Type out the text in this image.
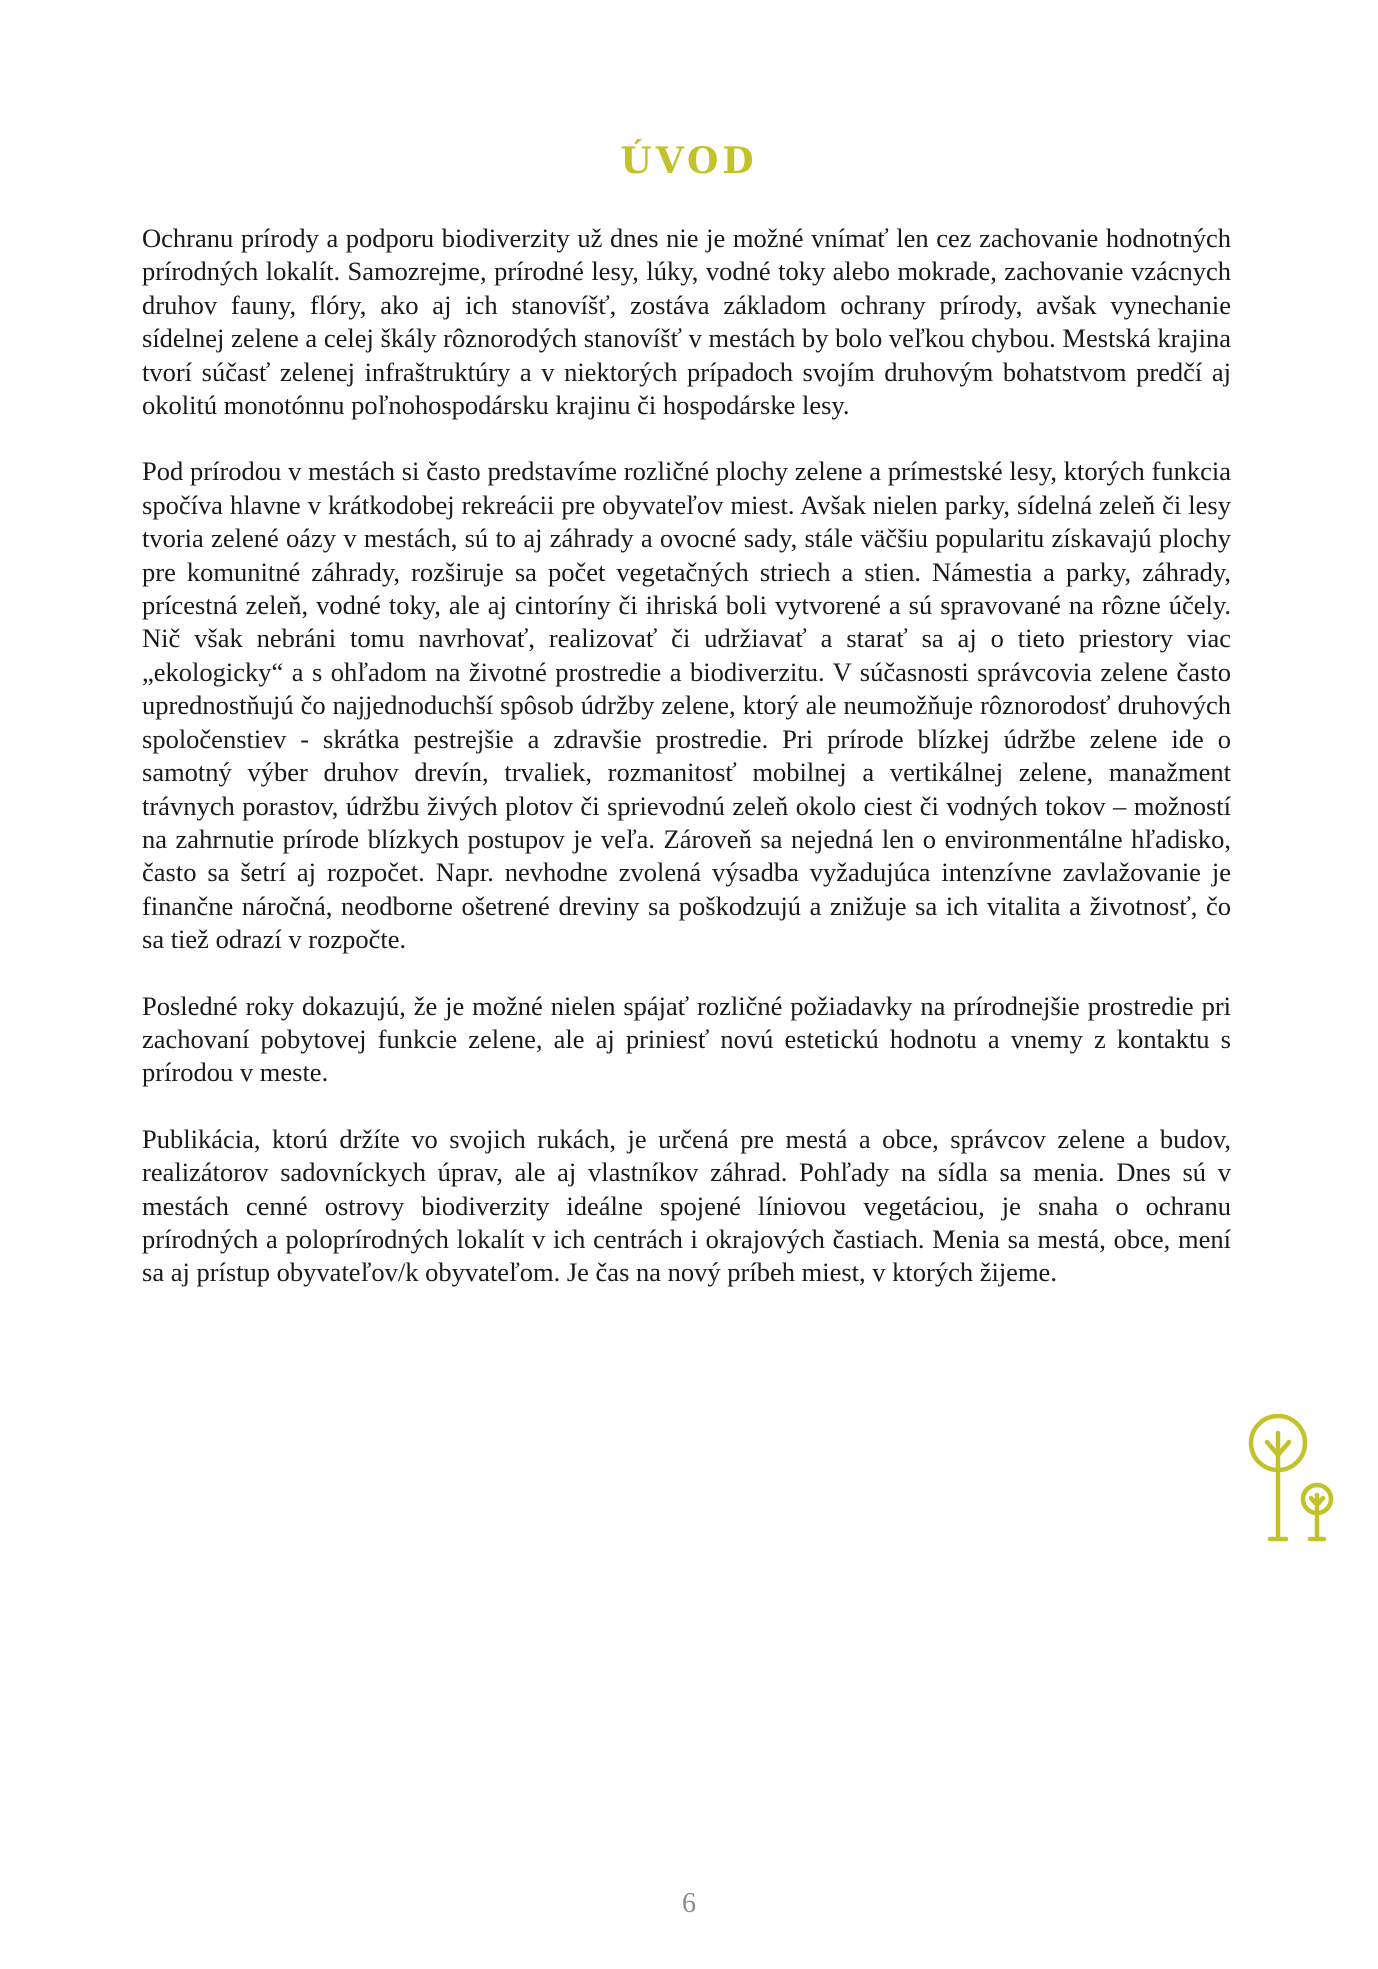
ÚVOD

Ochranu prírody a podporu biodiverzity už dnes nie je možné vnímať len cez zachovanie hodnotných prírodných lokalít. Samozrejme, prírodné lesy, lúky, vodné toky alebo mokrade, zachovanie vzácnych druhov fauny, flóry, ako aj ich stanovíšť, zostáva základom ochrany prírody, avšak vynechanie sídelnej zelene a celej škály rôznorodých stanovíšť v mestách by bolo veľkou chybou. Mestská krajina tvorí súčasť zelenej infraštruktúry a v niektorých prípadoch svojím druhovým bohatstvom predčí aj okolitú monotónnu poľnohospodársku krajinu či hospodárske lesy.

Pod prírodou v mestách si často predstavíme rozličné plochy zelene a prímestské lesy, ktorých funkcia spočíva hlavne v krátkodobej rekreácii pre obyvateľov miest. Avšak nielen parky, sídelná zeleň či lesy tvoria zelené oázy v mestách, sú to aj záhrady a ovocné sady, stále väčšiu popularitu získavajú plochy pre komunitné záhrady, rozširuje sa počet vegetačných striech a stien. Námestia a parky, záhrady, prícestná zeleň, vodné toky, ale aj cintoríny či ihriská boli vytvorené a sú spravované na rôzne účely. Nič však nebráni tomu navrhovať, realizovať či udržiavať a starať sa aj o tieto priestory viac „ekologicky“ a s ohľadom na životné prostredie a biodiverzitu. V súčasnosti správcovia zelene často uprednostňujú čo najjednoduchší spôsob údržby zelene, ktorý ale neumožňuje rôznorodosť druhových spoločenstiev - skrátka pestrejšie a zdravšie prostredie. Pri prírode blízkej údržbe zelene ide o samotný výber druhov drevín, trvaliek, rozmanitosť mobilnej a vertikálnej zelene, manažment trávnych porastov, údržbu živých plotov či sprievodnú zeleň okolo ciest či vodných tokov – možností na zahrnutie prírode blízkych postupov je veľa. Zároveň sa nejedná len o environmentálne hľadisko, často sa šetrí aj rozpočet. Napr. nevhodne zvolená výsadba vyžadujúca intenzívne zavlažovanie je finančne náročná, neodborne ošetrené dreviny sa poškodzujú a znižuje sa ich vitalita a životnosť, čo sa tiež odrazí v rozpočte.

Posledné roky dokazujú, že je možné nielen spájať rozličné požiadavky na prírodnejšie prostredie pri zachovaní pobytovej funkcie zelene, ale aj priniesť novú estetickú hodnotu a vnemy z kontaktu s prírodou v meste.

Publikácia, ktorú držíte vo svojich rukách, je určená pre mestá a obce, správcov zelene a budov, realizátorov sadovníckych úprav, ale aj vlastníkov záhrad. Pohľady na sídla sa menia. Dnes sú v mestách cenné ostrovy biodiverzity ideálne spojené líniovou vegetáciou, je snaha o ochranu prírodných a poloprírodných lokalít v ich centrách i okrajových častiach. Menia sa mestá, obce, mení sa aj prístup obyvateľov/k obyvateľom. Je čas na nový príbeh miest, v ktorých žijeme.

6
